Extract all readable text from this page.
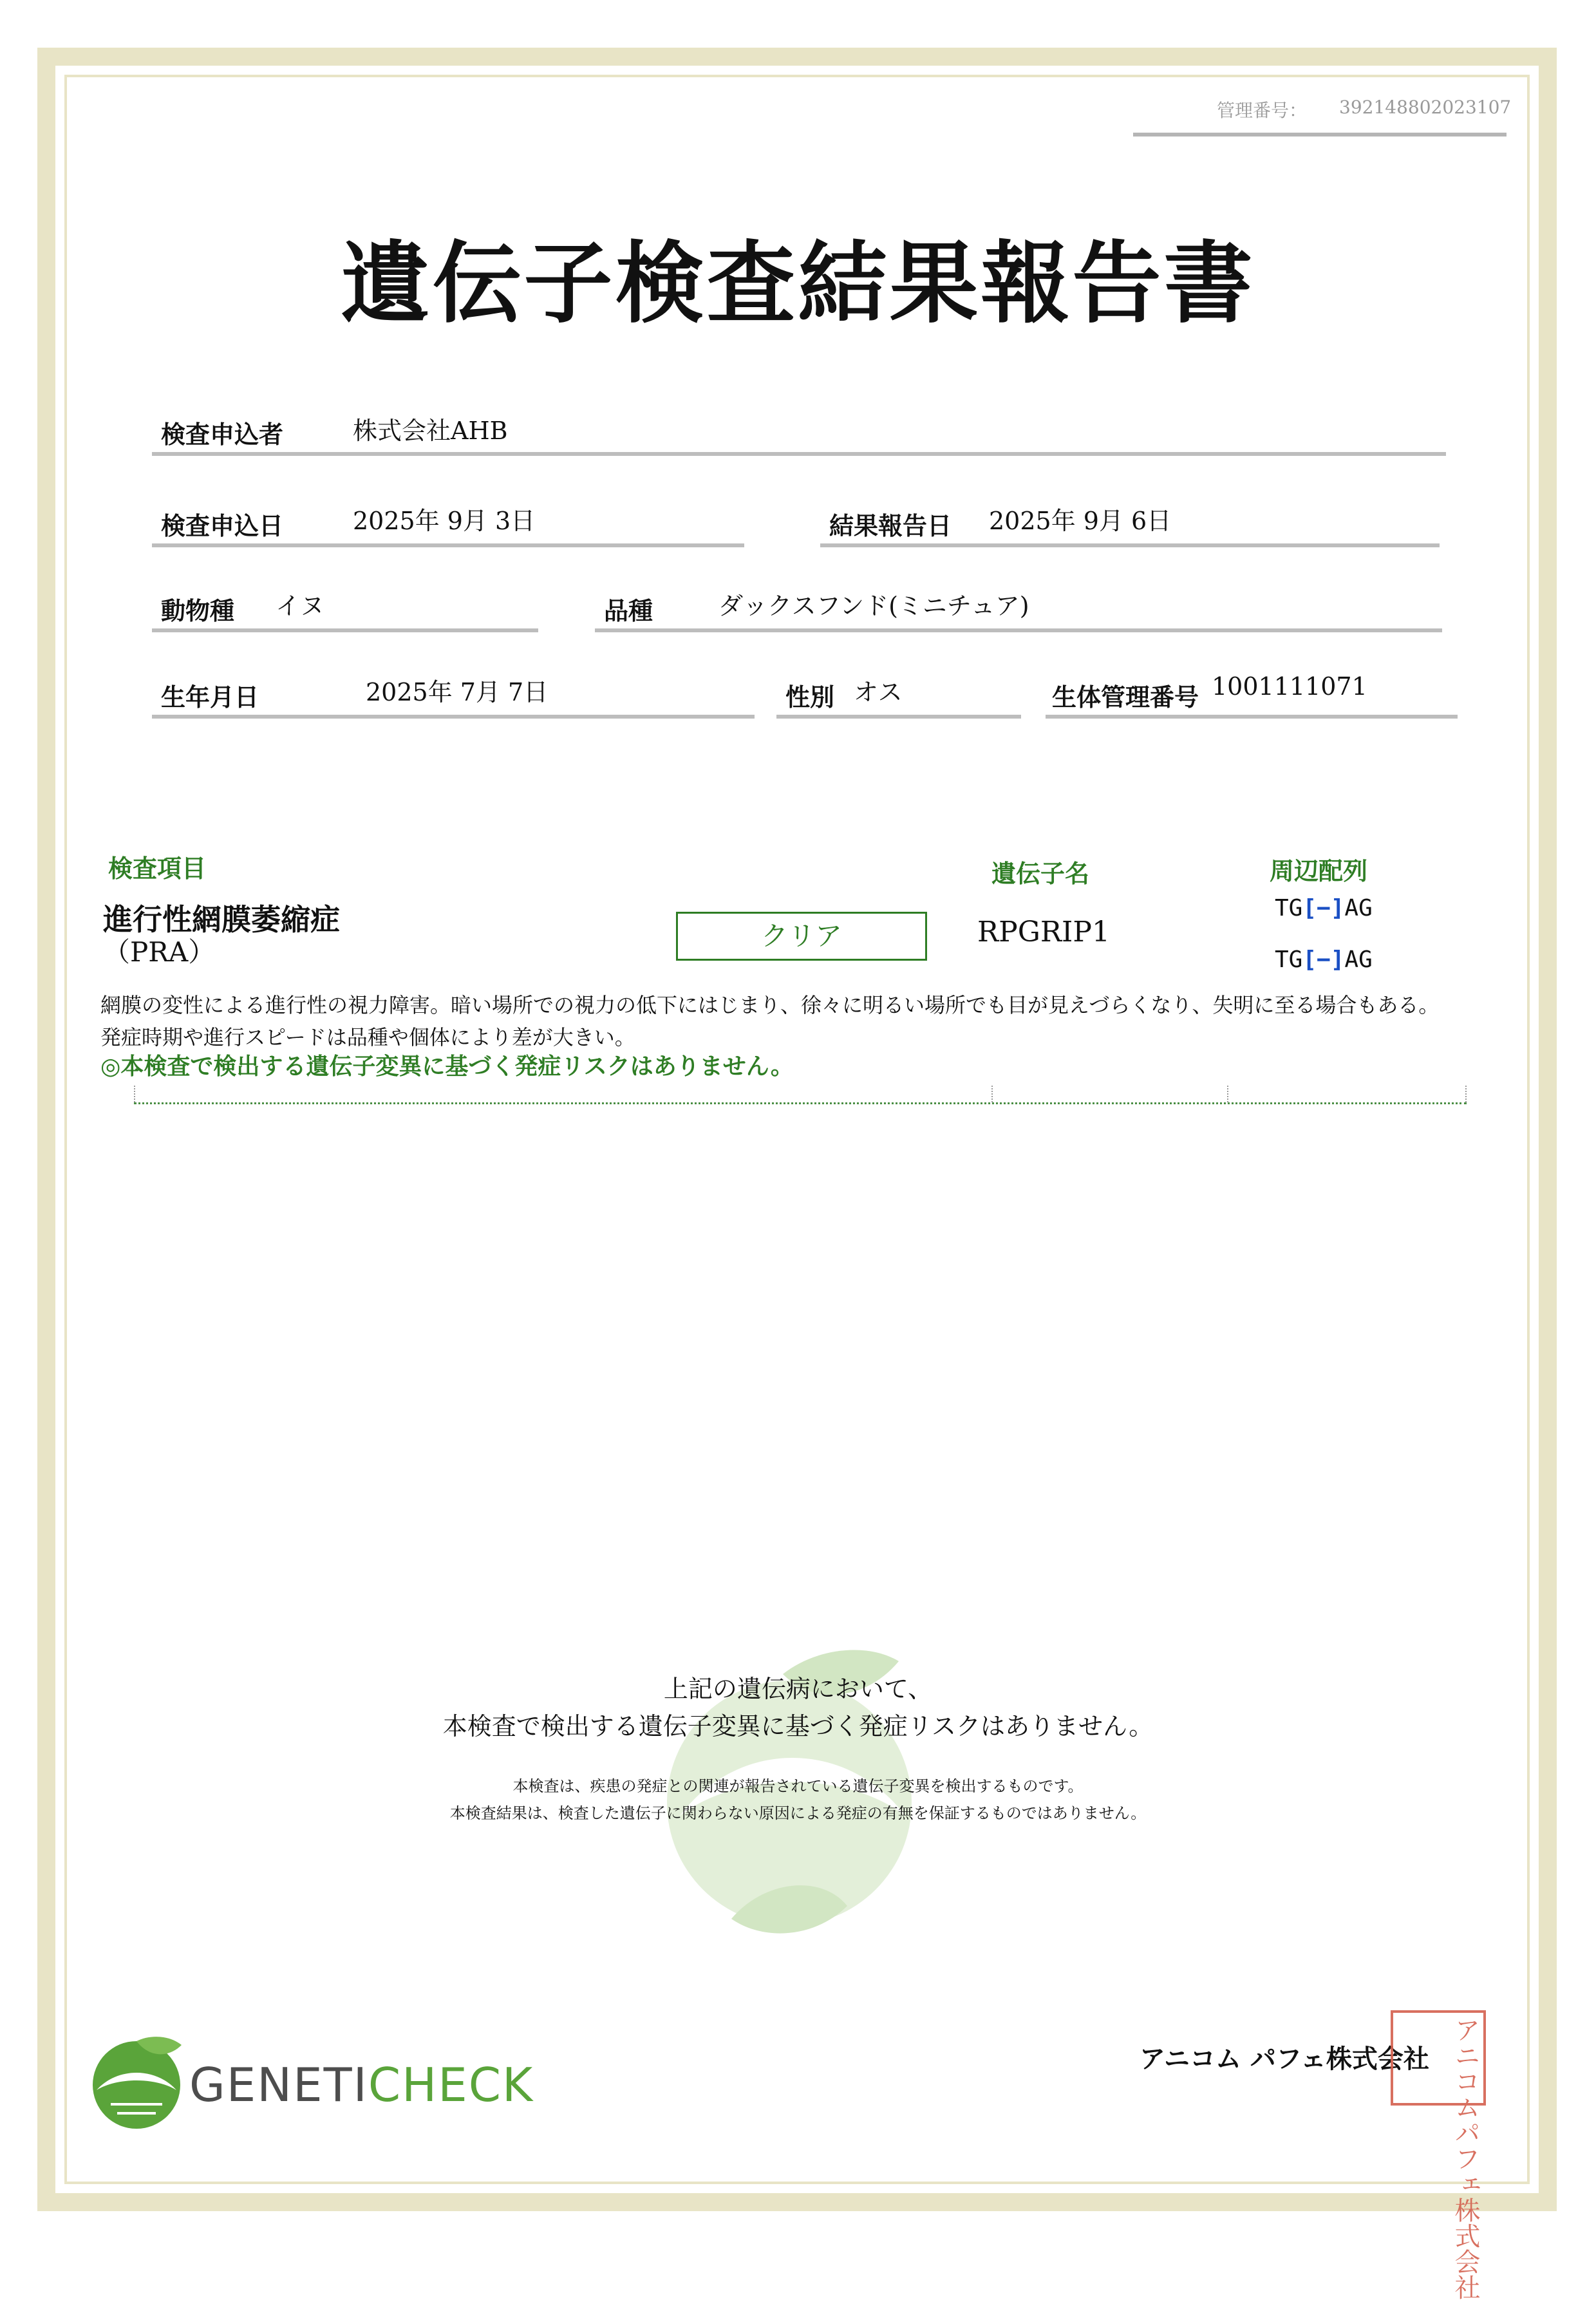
管理番号： 392148802023107
遺伝子検査結果報告書
検査申込者	株式会社AHB
検査申込日	2025年 9月 3日	結果報告日 2025年 9月 6日
動物種 イヌ	品種	ダックスフンド(ミニチュア)
生年月日	2025年 7月 7日	性別 オス	生体管理番号 1001111071
検査項目	遺伝子名	周辺配列
進行性網膜萎縮症
（PRA）
クリア	RPGRIP1
TG[−]AG
TG[−]AG
網膜の変性による進行性の視力障害。暗い場所での視力の低下にはじまり、徐々に明るい場所でも目が見えづらくなり、失明に至る場合もある。
発症時期や進行スピードは品種や個体により差が大きい。
◎本検査で検出する遺伝子変異に基づく発症リスクはありません。
上記の遺伝病において、
本検査で検出する遺伝子変異に基づく発症リスクはありません。
本検査は、疾患の発症との関連が報告されている遺伝子変異を検出するものです。
本検査結果は、検査した遺伝子に関わらない原因による発症の有無を保証するものではありません。
GENETICHECK	アニコム パフェ株式会社 アニコムパフェ株式会社
